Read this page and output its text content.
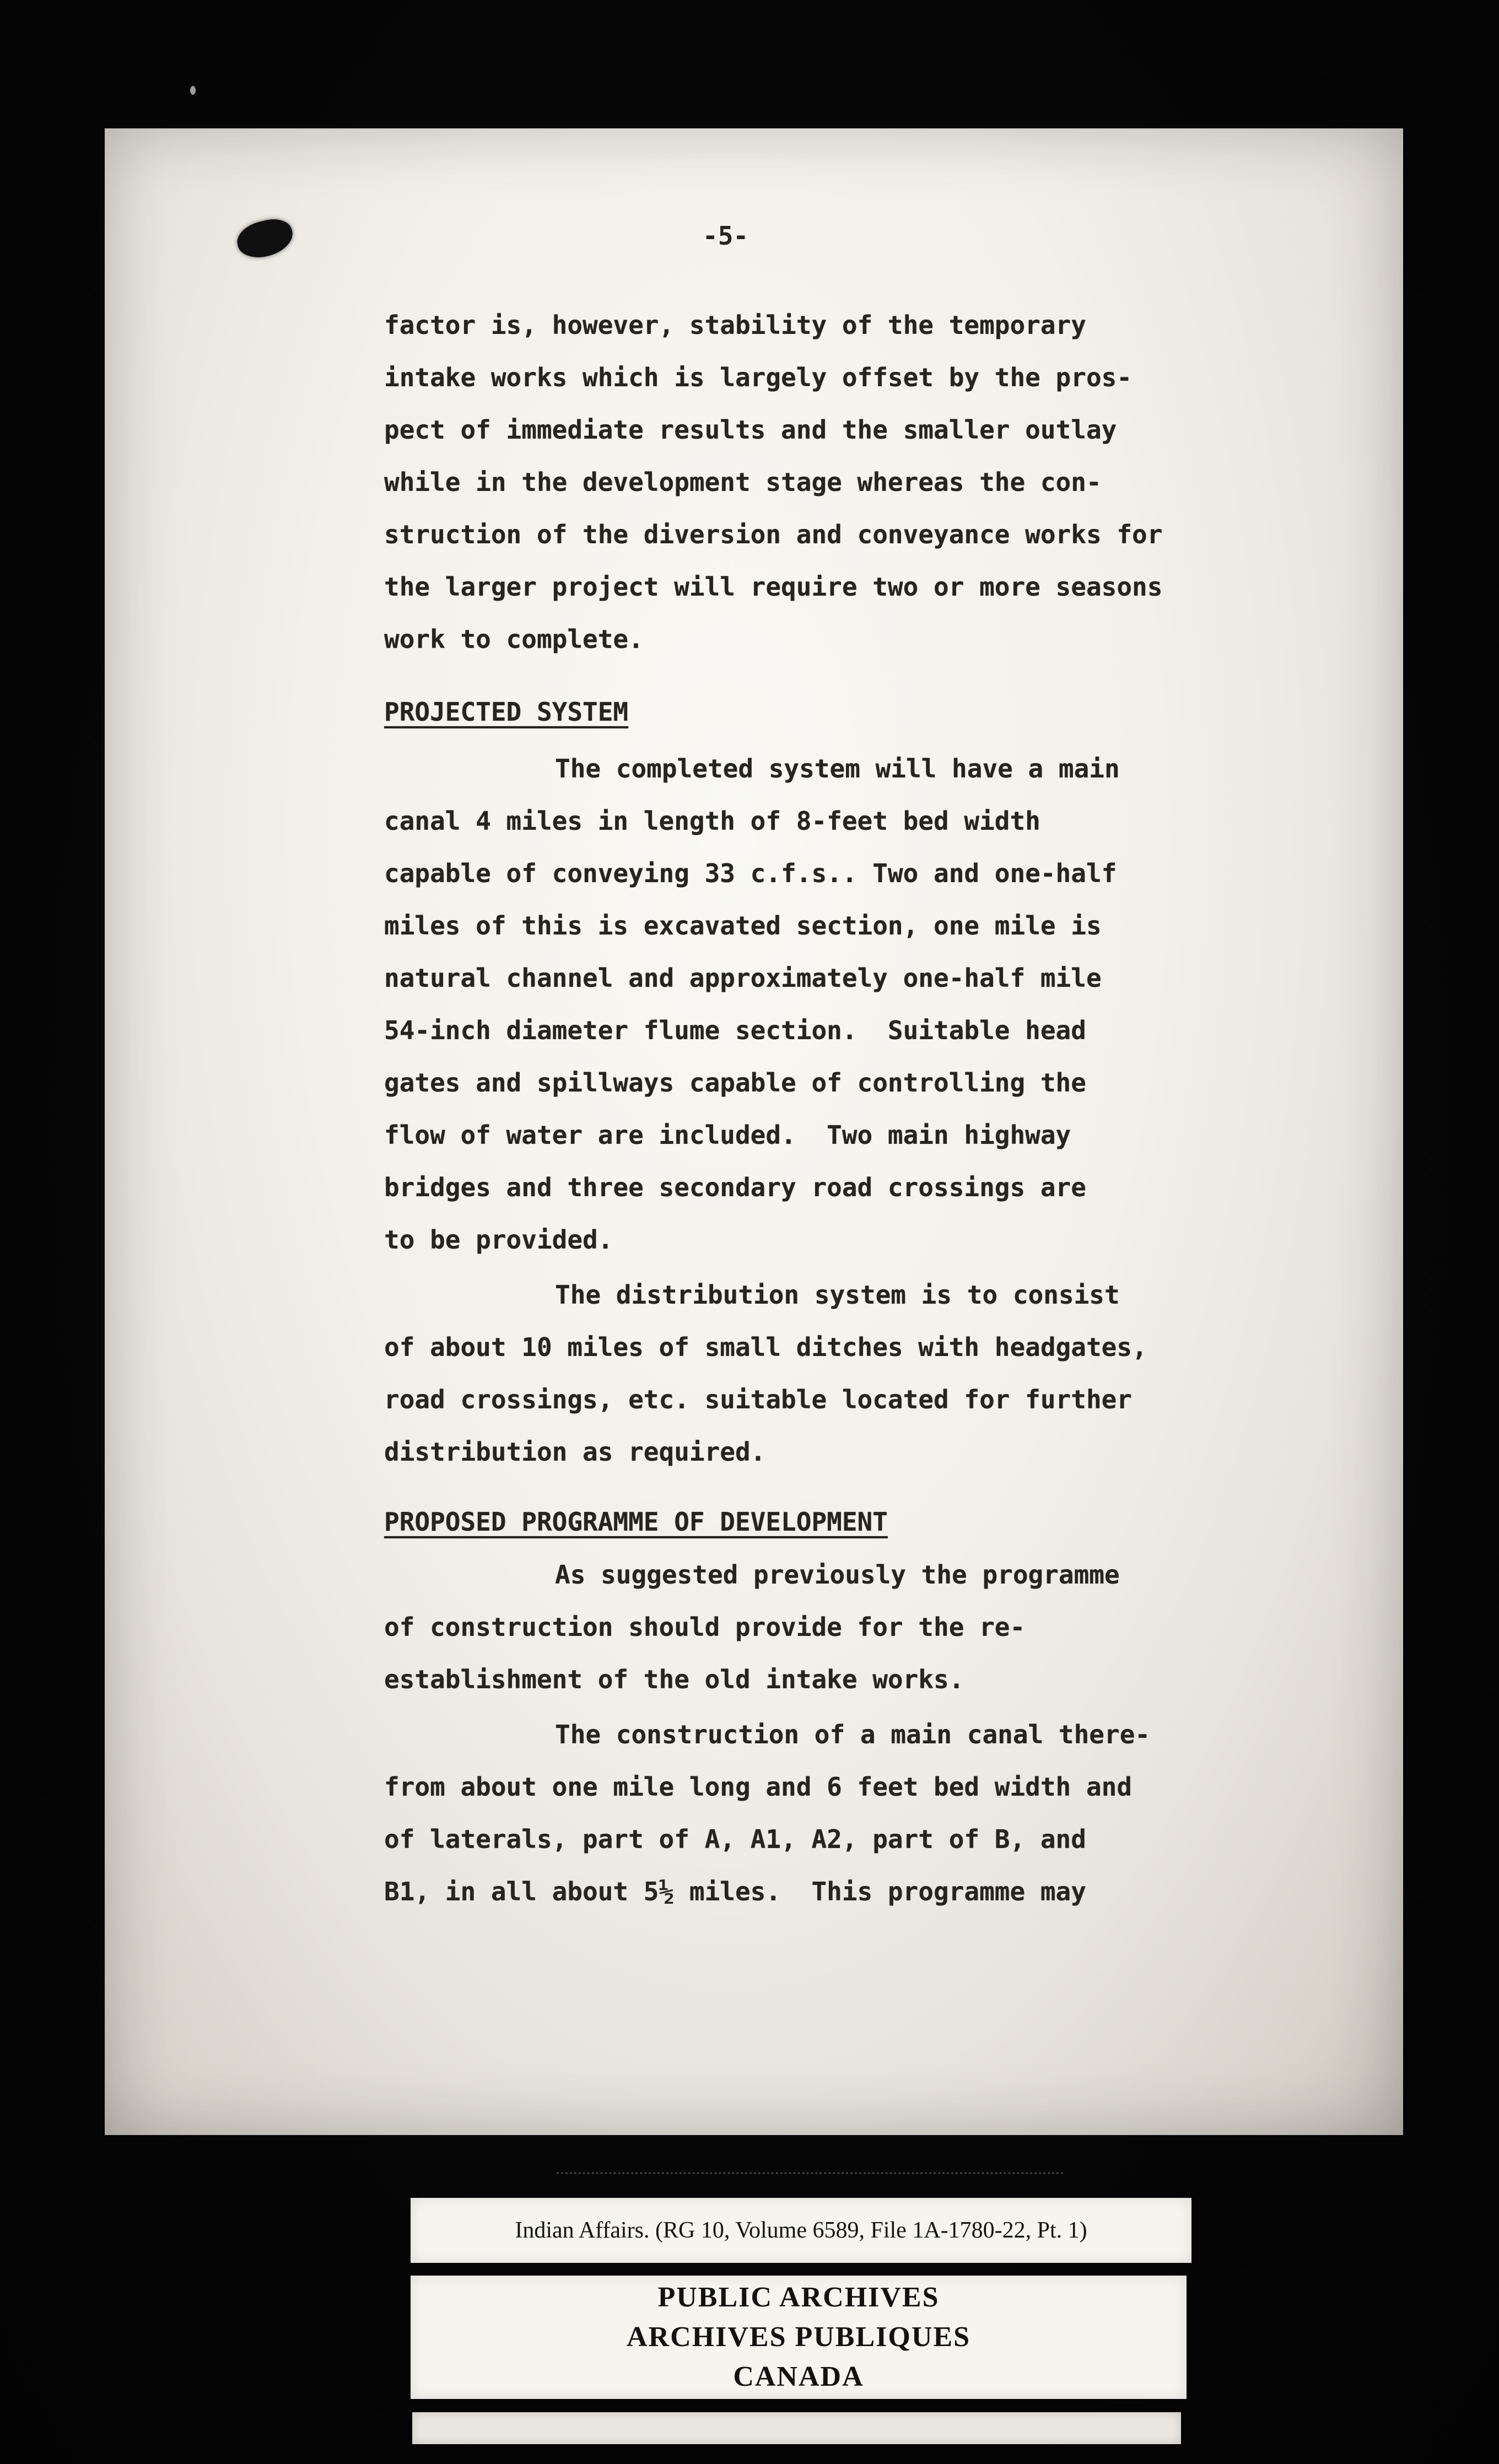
-5-
factor is, however, stability of the temporary
intake works which is largely offset by the pros-
pect of immediate results and the smaller outlay
while in the development stage whereas the con-
struction of the diversion and conveyance works for
the larger project will require two or more seasons
work to complete.
PROJECTED SYSTEM
The completed system will have a main
canal 4 miles in length of 8-feet bed width
capable of conveying 33 c.f.s.. Two and one-half
miles of this is excavated section, one mile is
natural channel and approximately one-half mile
54-inch diameter flume section.  Suitable head
gates and spillways capable of controlling the
flow of water are included.  Two main highway
bridges and three secondary road crossings are
to be provided.
The distribution system is to consist
of about 10 miles of small ditches with headgates,
road crossings, etc. suitable located for further
distribution as required.
PROPOSED PROGRAMME OF DEVELOPMENT
As suggested previously the programme
of construction should provide for the re-
establishment of the old intake works.
The construction of a main canal there-
from about one mile long and 6 feet bed width and
of laterals, part of A, A1, A2, part of B, and
B1, in all about 5½ miles.  This programme may
Indian Affairs. (RG 10, Volume 6589, File 1A-1780-22, Pt. 1)
PUBLIC ARCHIVES
ARCHIVES PUBLIQUES
CANADA
